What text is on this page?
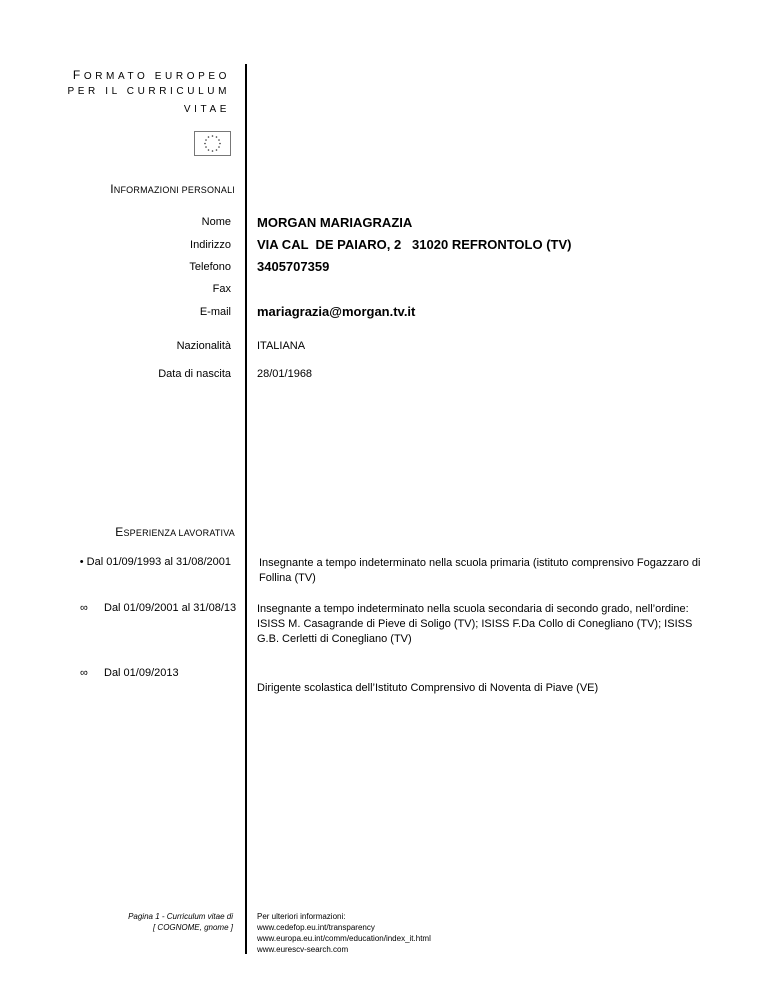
FORMATO EUROPEO
PER IL CURRICULUM
VITAE
INFORMAZIONI PERSONALI
Nome MORGAN MARIAGRAZIA
Indirizzo VIA CAL  DE PAIARO, 2   31020 REFRONTOLO (TV)
Telefono 3405707359
Fax
E-mail mariagrazia@morgan.tv.it
Nazionalità ITALIANA
Data di nascita 28/01/1968
ESPERIENZA LAVORATIVA
• Dal 01/09/1993 al 31/08/2001	Insegnante a tempo indeterminato nella scuola primaria (istituto comprensivo Fogazzaro di Follina (TV)
∞ Dal 01/09/2001 al 31/08/13 Insegnante a tempo indeterminato nella scuola secondaria di secondo grado, nell’ordine: ISISS M. Casagrande di Pieve di Soligo (TV); ISISS F.Da Collo di Conegliano (TV); ISISS G.B. Cerletti di Conegliano (TV)
∞ Dal 01/09/2013
Dirigente scolastica dell’Istituto Comprensivo di Noventa di Piave (VE)
Pagina 1 - Curriculum vitae di
[ COGNOME, gnome ]
Per ulteriori informazioni:
www.cedefop.eu.int/transparency
www.europa.eu.int/comm/education/index_it.html
www.eurescv-search.com
